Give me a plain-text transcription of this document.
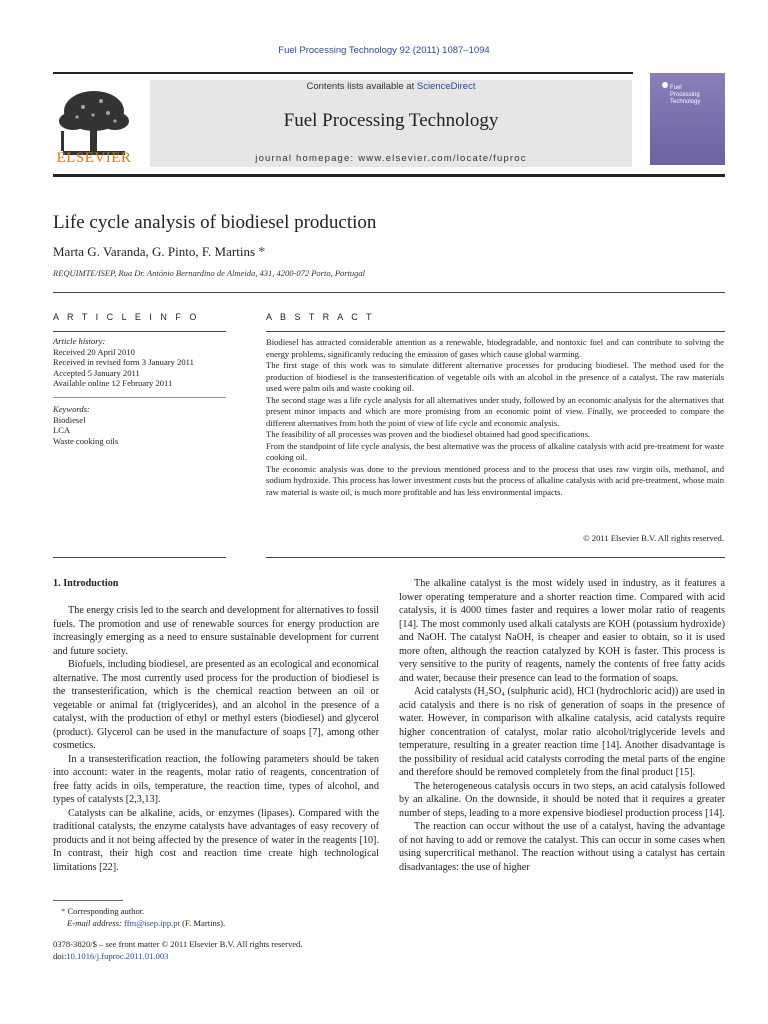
Fuel Processing Technology 92 (2011) 1087–1094
ELSEVIER
Contents lists available at ScienceDirect
Fuel Processing Technology
journal homepage: www.elsevier.com/locate/fuproc
Fuel
Processing
Technology
Life cycle analysis of biodiesel production
Marta G. Varanda, G. Pinto, F. Martins *
REQUIMTE/ISEP, Rua Dr. António Bernardino de Almeida, 431, 4200-072 Porto, Portugal
A R T I C L E I N F O
Article history:
Received 20 April 2010
Received in revised form 3 January 2011
Accepted 5 January 2011
Available online 12 February 2011
Keywords:
Biodiesel
LCA
Waste cooking oils
A B S T R A C T

Biodiesel has attracted considerable attention as a renewable, biodegradable, and nontoxic fuel and can contribute to solving the energy problems, significantly reducing the emission of gases which cause global warming.

The first stage of this work was to simulate different alternative processes for producing biodiesel. The method used for the production of biodiesel is the transesterification of vegetable oils with an alcohol in the presence of a catalyst. The raw materials used were palm oils and waste cooking oil.

The second stage was a life cycle analysis for all alternatives under study, followed by an economic analysis for the alternatives that present minor impacts and which are more promising from an economic point of view. Finally, we proceeded to compare the different alternatives from both the point of view of life cycle and economic analysis.

The feasibility of all processes was proven and the biodiesel obtained had good specifications.

From the standpoint of life cycle analysis, the best alternative was the process of alkaline catalysis with acid pre-treatment for waste cooking oil.

The economic analysis was done to the previous mentioned process and to the process that uses raw virgin oils, methanol, and sodium hydroxide. This process has lower investment costs but the process of alkaline catalysis with acid pre-treatment, whose main raw material is waste oil, is much more profitable and has less environmental impacts.

© 2011 Elsevier B.V. All rights reserved.
1. Introduction

The energy crisis led to the search and development for alternatives to fossil fuels. The promotion and use of renewable sources for energy production are increasingly emerging as a need to ensure sustainable development for current and future society.

Biofuels, including biodiesel, are presented as an ecological and economical alternative. The most currently used process for the production of biodiesel is the transesterification, which is the chemical reaction between an oil or vegetable or animal fat (triglycerides), and an alcohol in the presence of a catalyst, with the production of ethyl or methyl esters (biodiesel) and glycerol (product). Glycerol can be used in the manufacture of soaps [7], among other cosmetics.

In a transesterification reaction, the following parameters should be taken into account: water in the reagents, molar ratio of reagents, concentration of free fatty acids in oils, temperature, the reaction time, types of alcohol, and types of catalysts [2,3,13].

Catalysts can be alkaline, acids, or enzymes (lipases). Compared with the traditional catalysts, the enzyme catalysts have advantages of easy recovery of products and it not being affected by the presence of water in the reagents [10]. In contrast, their high cost and reaction time create high technological limitations [22].

The alkaline catalyst is the most widely used in industry, as it features a lower operating temperature and a shorter reaction time. Compared with acid catalysis, it is 4000 times faster and requires a lower molar ratio of reagents [14]. The most commonly used alkali catalysts are KOH (potassium hydroxide) and NaOH. The catalyst NaOH, is cheaper and easier to obtain, so it is used more often, although the reaction catalyzed by KOH is faster. This process is very sensitive to the purity of reagents, namely the contents of free fatty acids and water, because their presence can lead to the formation of soaps.

Acid catalysts (H₂SO₄ (sulphuric acid), HCl (hydrochloric acid)) are used in acid catalysis and there is no risk of generation of soaps in the presence of water. However, in comparison with alkaline catalysis, acid catalysts require higher concentration of catalyst, molar ratio alcohol/triglyceride levels and temperature, resulting in a greater reaction time [14]. Another disadvantage is the possibility of residual acid catalysts corroding the metal parts of the engine and therefore should be removed completely from the final product [15].

The heterogeneous catalysis occurs in two steps, an acid catalysis followed by an alkaline. On the downside, it should be noted that it requires a greater number of steps, leading to a more expensive biodiesel production process [14].

The reaction can occur without the use of a catalyst, having the advantage of not having to add or remove the catalyst. This can occur in some cases when using supercritical methanol. The reaction without using a catalyst has certain disadvantages: the use of higher

* Corresponding author.
E-mail address: ffm@isep.ipp.pt (F. Martins).
0378-3820/$ – see front matter © 2011 Elsevier B.V. All rights reserved.
doi:10.1016/j.fuproc.2011.01.003
